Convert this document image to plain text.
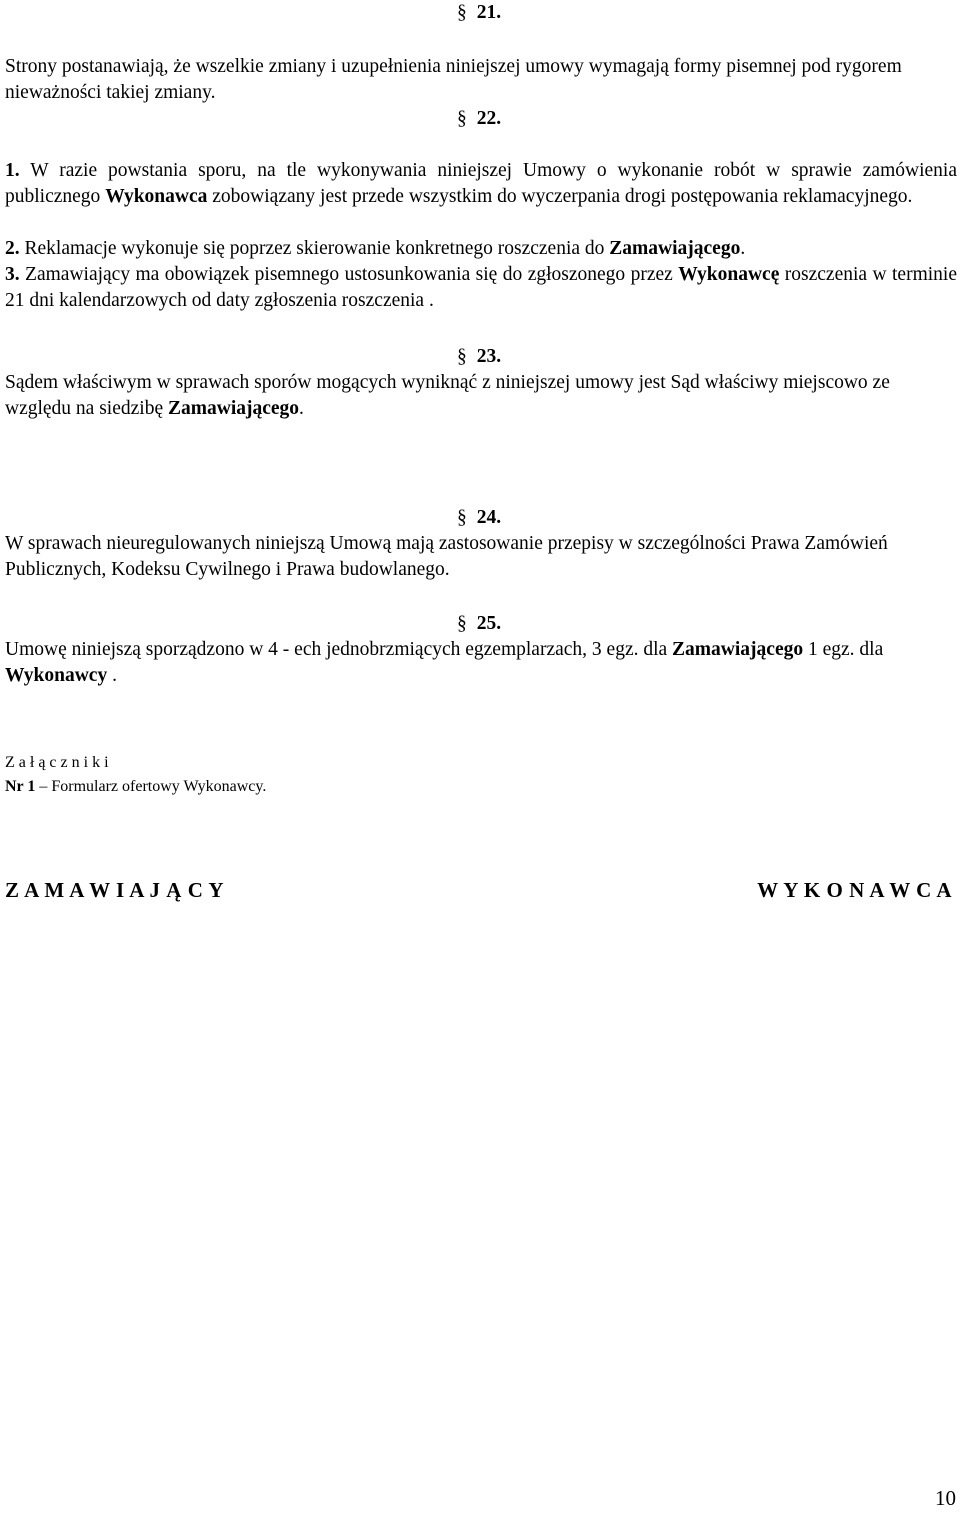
§ 21.

Strony postanawiają, że wszelkie zmiany i uzupełnienia niniejszej umowy wymagają formy pisemnej pod rygorem nieważności takiej zmiany.

§ 22.

1. W razie powstania sporu, na tle wykonywania niniejszej Umowy o wykonanie robót w sprawie zamówienia publicznego Wykonawca zobowiązany jest przede wszystkim do wyczerpania drogi postępowania reklamacyjnego.

2. Reklamacje wykonuje się poprzez skierowanie konkretnego roszczenia do Zamawiającego.

3. Zamawiający ma obowiązek pisemnego ustosunkowania się do zgłoszonego przez Wykonawcę roszczenia w terminie 21 dni kalendarzowych od daty zgłoszenia roszczenia .

§ 23.

Sądem właściwym w sprawach sporów mogących wyniknąć z niniejszej umowy jest Sąd właściwy miejscowo ze względu na siedzibę Zamawiającego.

§ 24.

W sprawach nieuregulowanych niniejszą Umową mają zastosowanie przepisy w szczególności Prawa Zamówień Publicznych, Kodeksu Cywilnego i Prawa budowlanego.

§ 25.

Umowę niniejszą sporządzono w 4 - ech jednobrzmiących egzemplarzach, 3 egz. dla Zamawiającego 1 egz. dla Wykonawcy .

Z a ł ą c z n i k i

Nr 1 – Formularz ofertowy Wykonawcy.

Z A M A W I A J Ą C Y	W Y K O N A W C A
10
